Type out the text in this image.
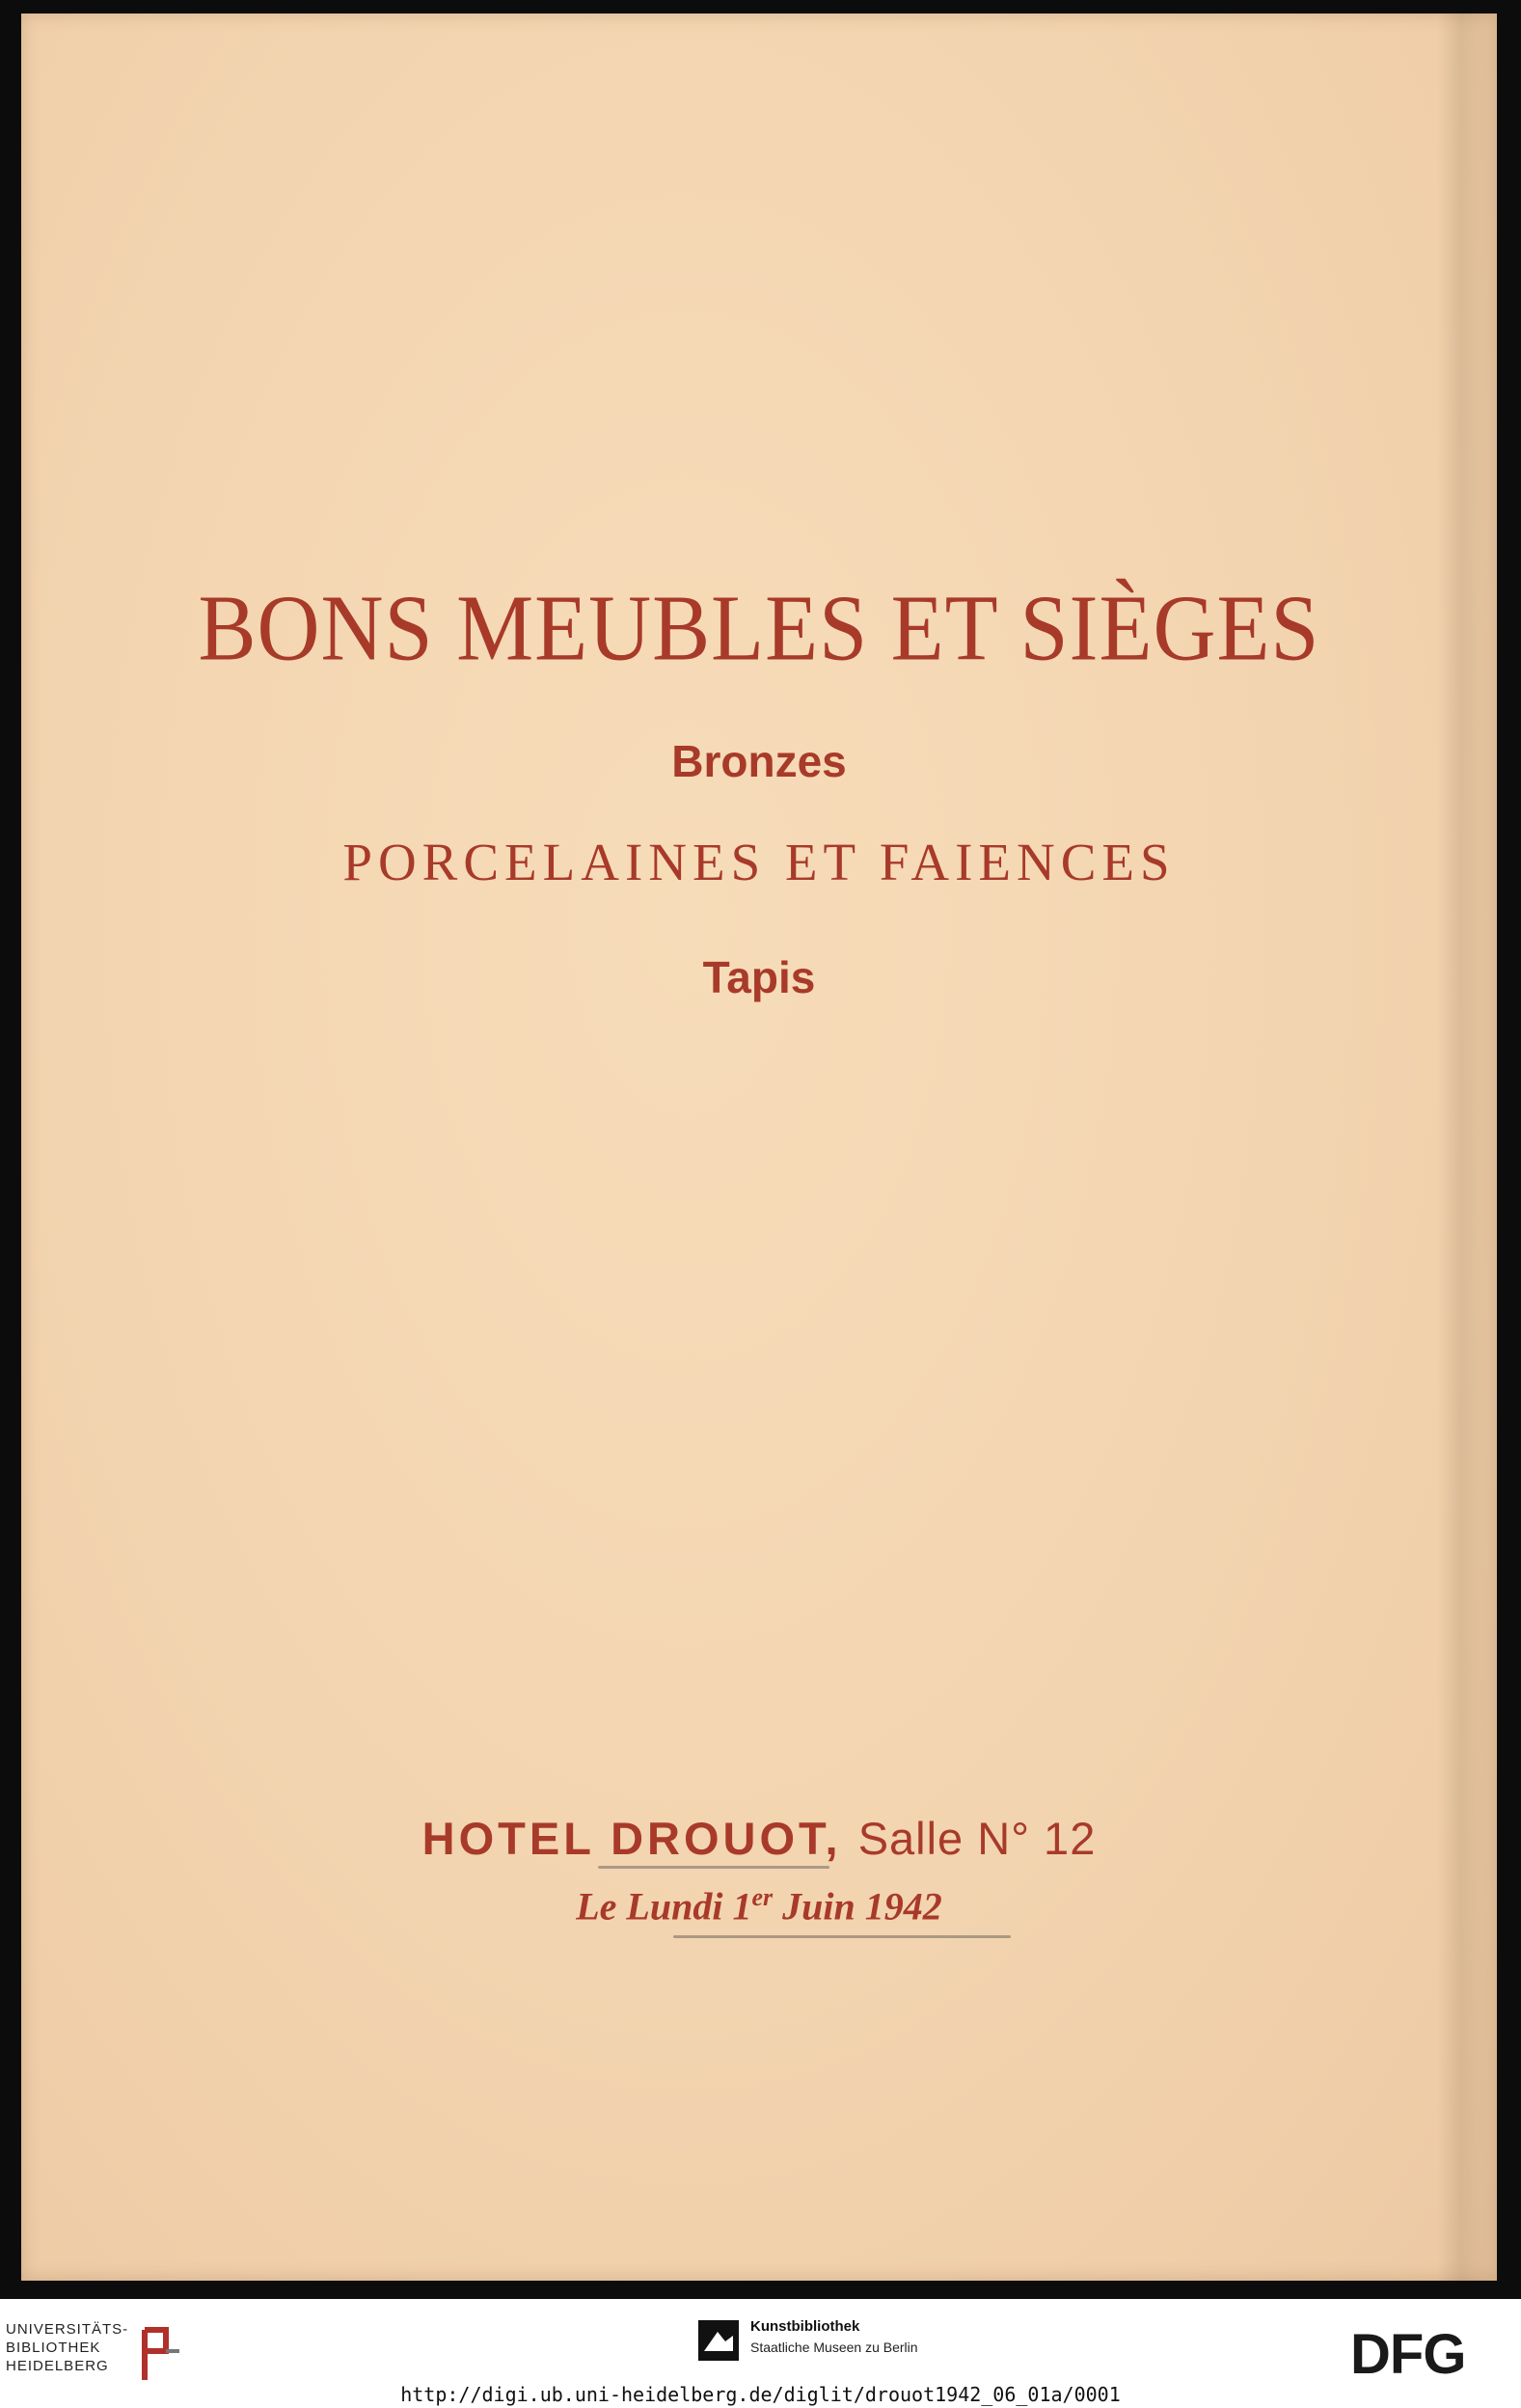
BONS MEUBLES ET SIÈGES
Bronzes
PORCELAINES ET FAIENCES
Tapis
HOTEL DROUOT, Salle N° 12
Le Lundi 1er Juin 1942
UNIVERSITÄTS-
BIBLIOTHEK
HEIDELBERG
Kunstbibliothek
Staatliche Museen zu Berlin	DFG
http://digi.ub.uni-heidelberg.de/diglit/drouot1942_06_01a/0001
